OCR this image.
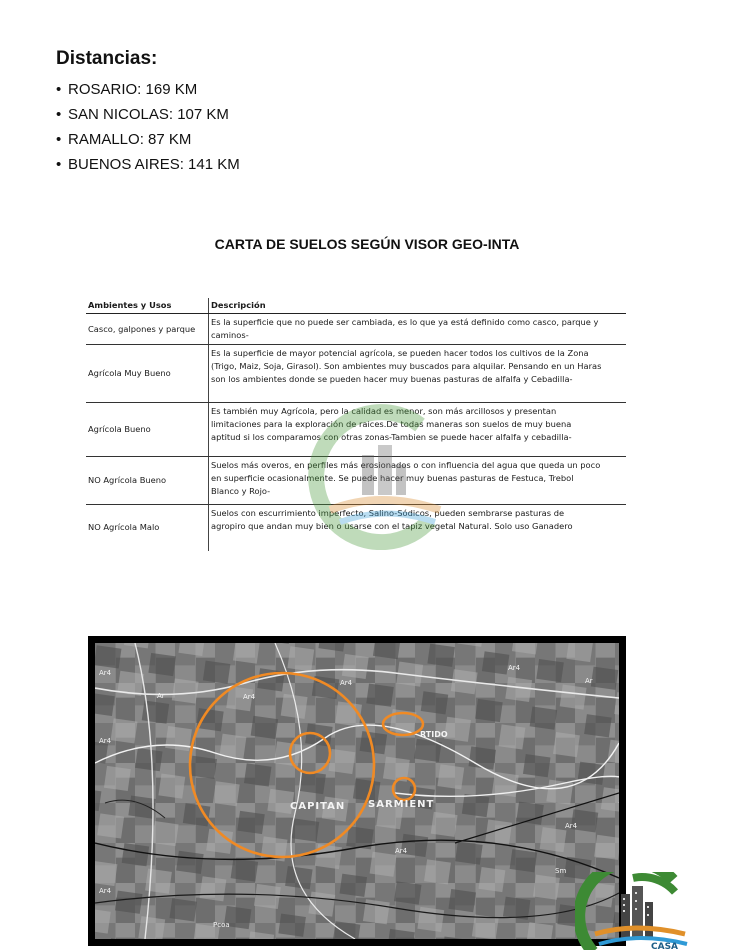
Distancias:
• ROSARIO: 169 KM
• SAN NICOLAS: 107 KM
• RAMALLO: 87 KM
• BUENOS AIRES: 141 KM
CARTA DE SUELOS SEGÚN VISOR GEO-INTA
Ambientes y Usos	Descripción
Casco, galpones y parque	Es la superficie que no puede ser cambiada, es lo que ya está definido como casco, parque y
caminos-

Agrícola Muy Bueno	Es la superficie de mayor potencial agrícola, se pueden hacer todos los cultivos de la Zona
(Trigo, Maiz, Soja, Girasol). Son ambientes muy buscados para alquilar. Pensando en un Haras
son los ambientes donde se pueden hacer muy buenas pasturas de alfalfa y Cebadilla-

Agrícola Bueno	Es también muy Agrícola, pero la calidad es menor, son más arcillosos y presentan
limitaciones para la exploración de raices.De todas maneras son suelos de muy buena
aptitud si los comparamos con otras zonas-Tambien se puede hacer alfalfa y cebadilla-

NO Agrícola Bueno	Suelos más overos, en perfiles más erosionados o con influencia del agua que queda un poco
en superficie ocasionalmente. Se puede hacer muy buenas pasturas de Festuca, Trebol
Blanco y Rojo-

NO Agrícola Malo	Suelos con escurrimiento imperfecto, Salino-Sódicos, pueden sembrarse pasturas de
agropiro que andan muy bien o usarse con el tapiz vegetal Natural. Solo uso Ganadero
CAPITAN SARMIENT
RTIDO
Ar4
Ar4
Ar4
Ar4
Ar4
Ar4
Ar
Ar
Ar4
Ar4
Sm
Pcoa
CASA
